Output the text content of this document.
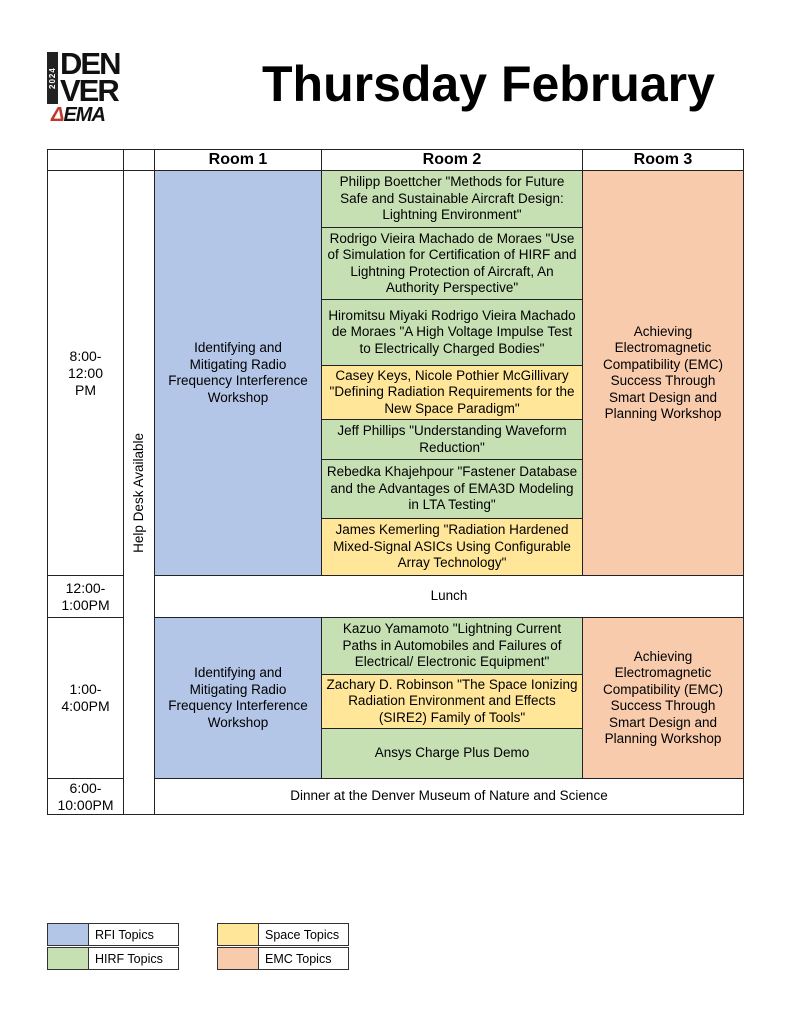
2024 DEN
VER
ΔEMA
Thursday February
Room 1	Room 2	Room 3
8:00-
12:00
PM
12:00-
1:00PM
1:00-
4:00PM
6:00-
10:00PM
Help Desk Available
Identifying and Mitigating Radio Frequency Interference Workshop
Identifying and Mitigating Radio Frequency Interference Workshop
Philipp Boettcher "Methods for Future Safe and Sustainable Aircraft Design: Lightning Environment"
Rodrigo Vieira Machado de Moraes "Use of Simulation for Certification of HIRF and Lightning Protection of Aircraft, An Authority Perspective"
Hiromitsu Miyaki Rodrigo Vieira Machado de Moraes "A High Voltage Impulse Test to Electrically Charged Bodies"
Casey Keys, Nicole Pothier McGillivary "Defining Radiation Requirements for the New Space Paradigm"
Jeff Phillips "Understanding Waveform Reduction"
Rebedka Khajehpour "Fastener Database and the Advantages of EMA3D Modeling in LTA Testing"
James Kemerling "Radiation Hardened Mixed-Signal ASICs Using Configurable Array Technology"
Achieving Electromagnetic Compatibility (EMC) Success Through Smart Design and Planning Workshop
Achieving Electromagnetic Compatibility (EMC) Success Through Smart Design and Planning Workshop
Lunch
Kazuo Yamamoto "Lightning Current Paths in Automobiles and Failures of Electrical/ Electronic Equipment"
Zachary D. Robinson "The Space Ionizing Radiation Environment and Effects (SIRE2) Family of Tools"
Ansys Charge Plus Demo
Dinner at the Denver Museum of Nature and Science
RFI Topics
HIRF Topics
Space Topics
EMC Topics
